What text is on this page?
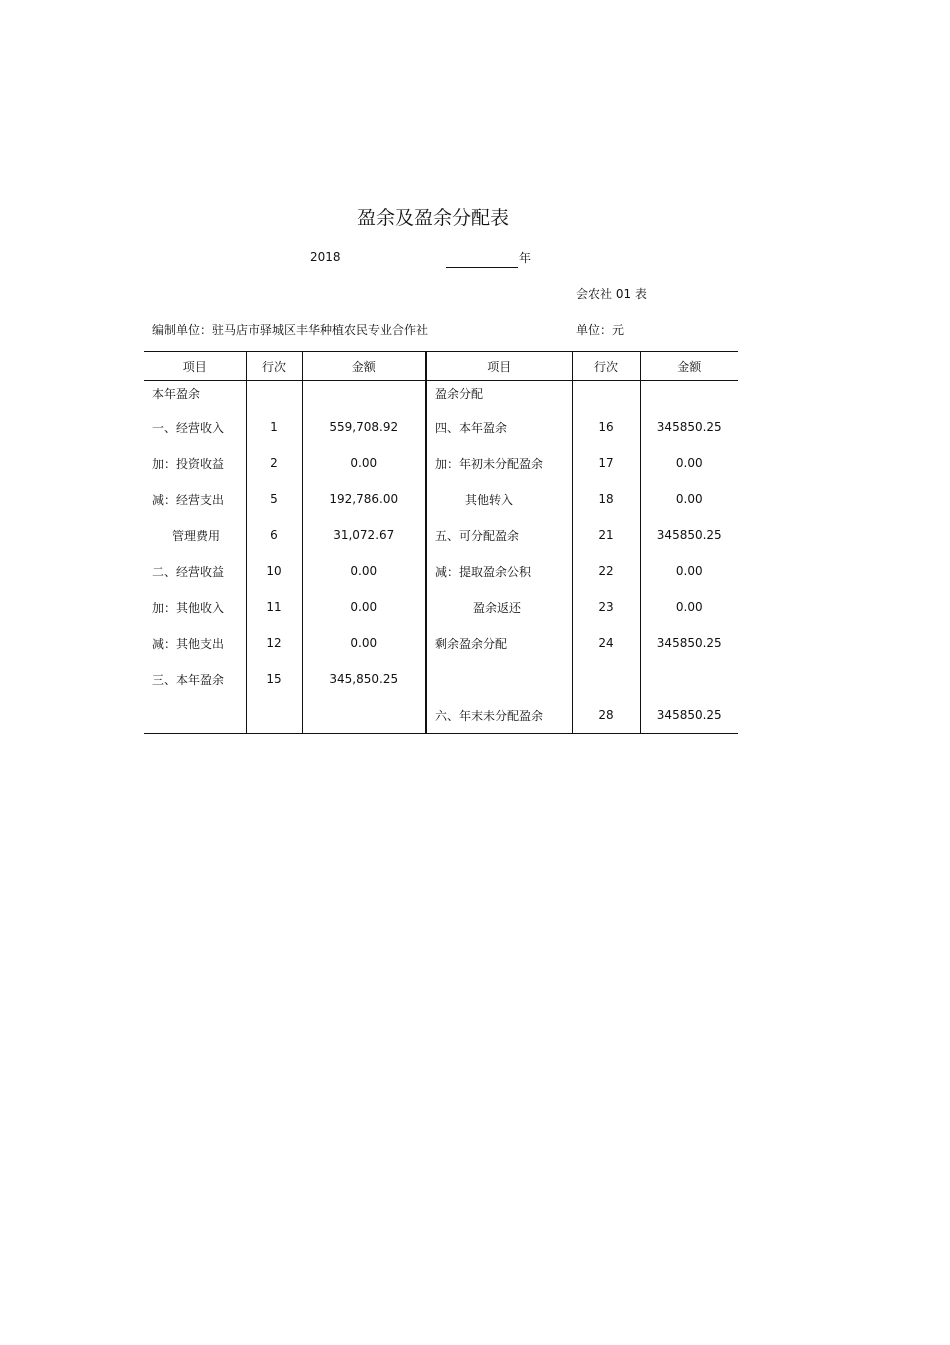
盈余及盈余分配表
2018	年
会农社 01 表
编制单位：驻马店市驿城区丰华种植农民专业合作社	单位：元
项目	行次	金额	项目	行次	金额
本年盈余			盈余分配		
一、经营收入	1	559,708.92	四、本年盈余	16	345850.25
加：投资收益	2	0.00	加：年初未分配盈余	17	0.00
减：经营支出	5	192,786.00	其他转入	18	0.00
管理费用	6	31,072.67	五、可分配盈余	21	345850.25
二、经营收益	10	0.00	减：提取盈余公积	22	0.00
加：其他收入	11	0.00	盈余返还	23	0.00
减：其他支出	12	0.00	剩余盈余分配	24	345850.25
三、本年盈余	15	345,850.25			
			六、年末未分配盈余	28	345850.25
